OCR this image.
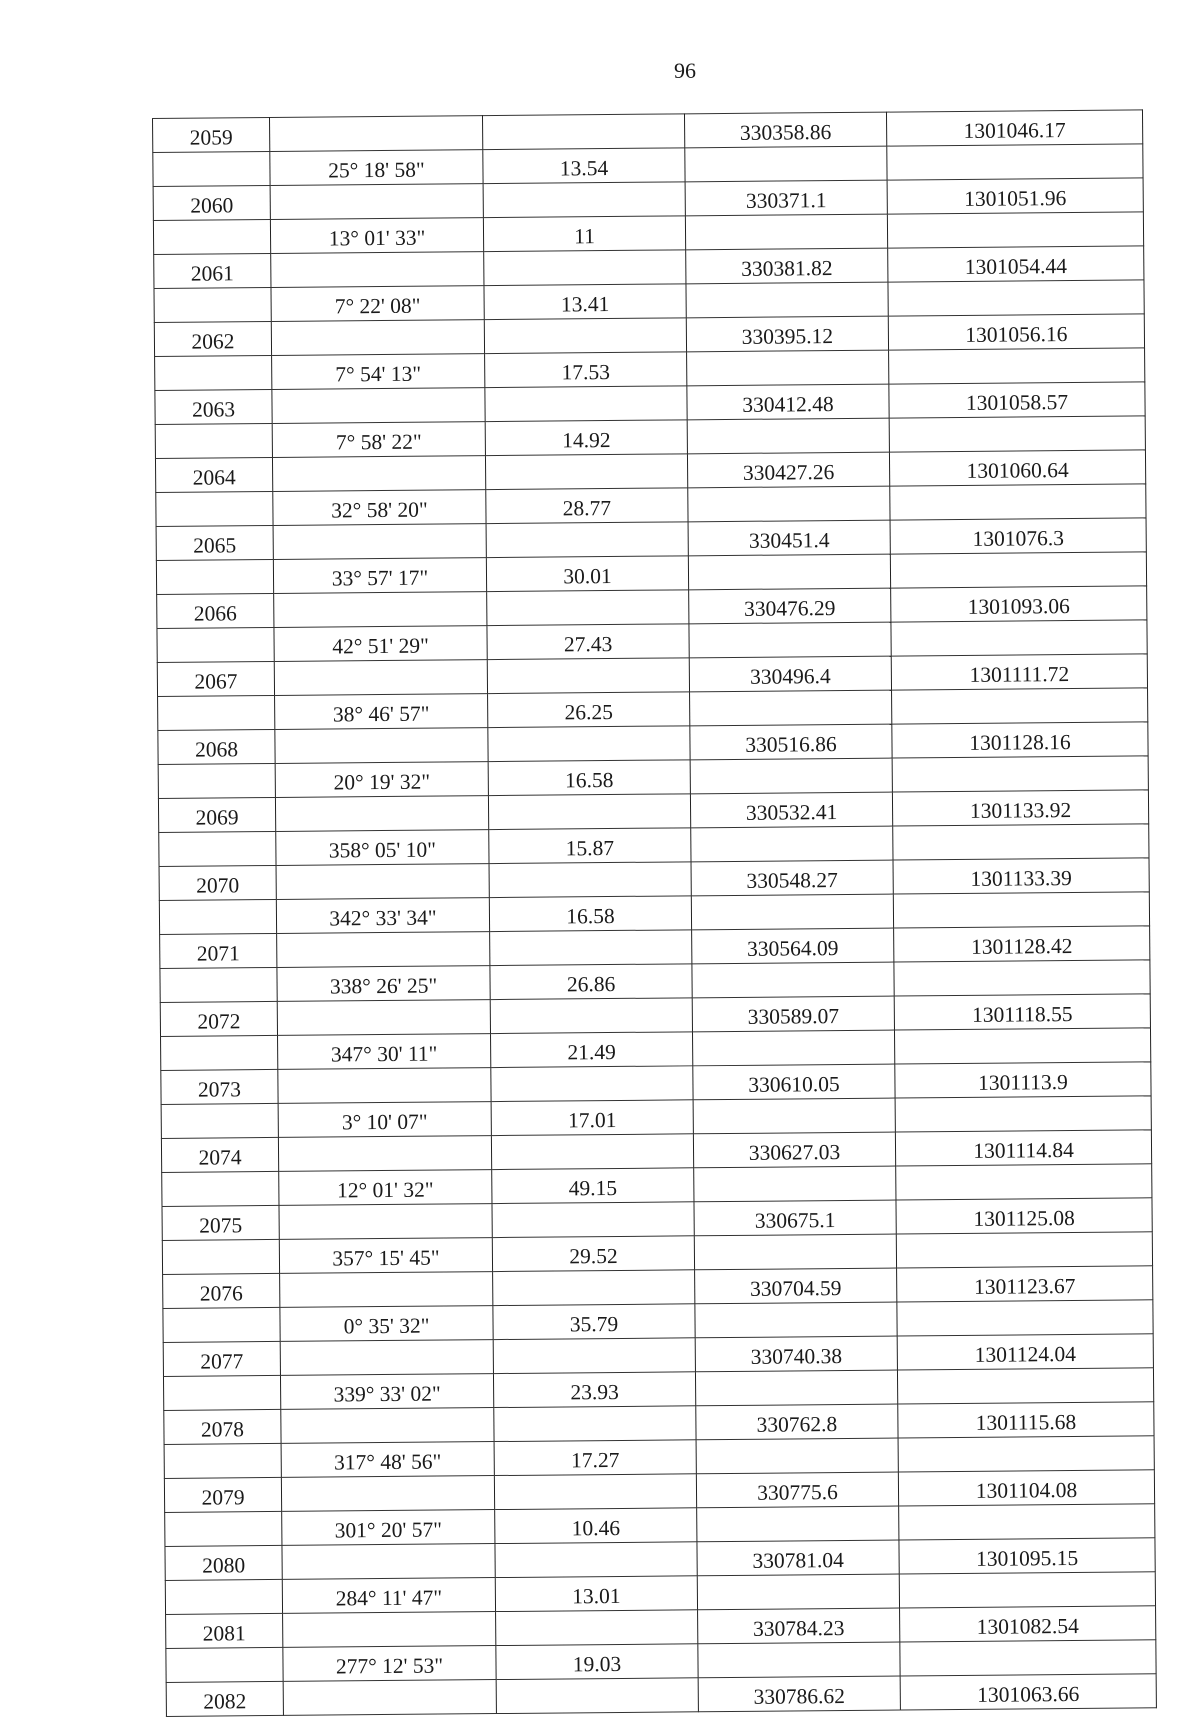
96
2059			330358.86	1301046.17
	25° 18' 58"	13.54		
2060			330371.1	1301051.96
	13° 01' 33"	11		
2061			330381.82	1301054.44
	7° 22' 08"	13.41		
2062			330395.12	1301056.16
	7° 54' 13"	17.53		
2063			330412.48	1301058.57
	7° 58' 22"	14.92		
2064			330427.26	1301060.64
	32° 58' 20"	28.77		
2065			330451.4	1301076.3
	33° 57' 17"	30.01		
2066			330476.29	1301093.06
	42° 51' 29"	27.43		
2067			330496.4	1301111.72
	38° 46' 57"	26.25		
2068			330516.86	1301128.16
	20° 19' 32"	16.58		
2069			330532.41	1301133.92
	358° 05' 10"	15.87		
2070			330548.27	1301133.39
	342° 33' 34"	16.58		
2071			330564.09	1301128.42
	338° 26' 25"	26.86		
2072			330589.07	1301118.55
	347° 30' 11"	21.49		
2073			330610.05	1301113.9
	3° 10' 07"	17.01		
2074			330627.03	1301114.84
	12° 01' 32"	49.15		
2075			330675.1	1301125.08
	357° 15' 45"	29.52		
2076			330704.59	1301123.67
	0° 35' 32"	35.79		
2077			330740.38	1301124.04
	339° 33' 02"	23.93		
2078			330762.8	1301115.68
	317° 48' 56"	17.27		
2079			330775.6	1301104.08
	301° 20' 57"	10.46		
2080			330781.04	1301095.15
	284° 11' 47"	13.01		
2081			330784.23	1301082.54
	277° 12' 53"	19.03		
2082			330786.62	1301063.66
